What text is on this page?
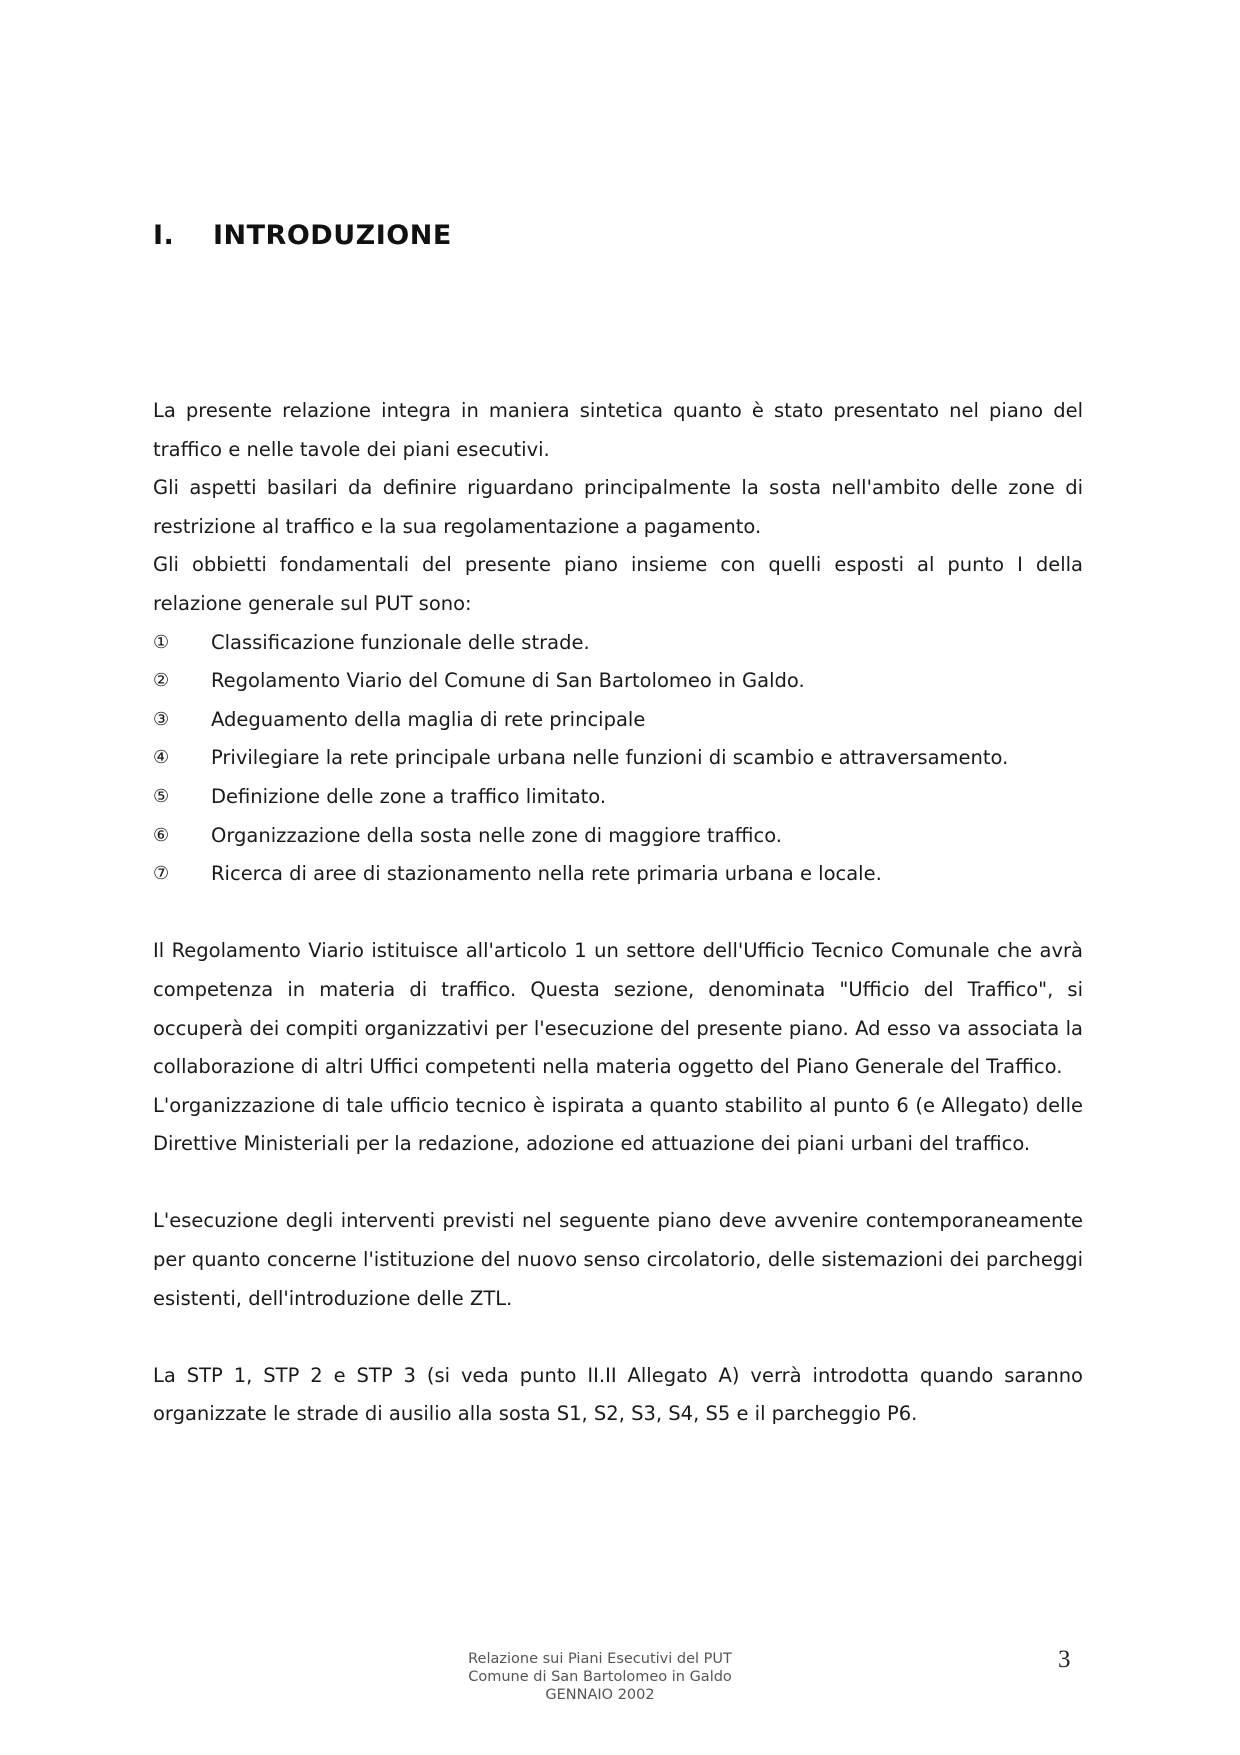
I.	INTRODUZIONE

La presente relazione integra in maniera sintetica quanto è stato presentato nel piano del traffico e nelle tavole dei piani esecutivi.

Gli aspetti basilari da definire riguardano principalmente la sosta nell'ambito delle zone di restrizione al traffico e la sua regolamentazione a pagamento.

Gli obbietti fondamentali del presente piano insieme con quelli esposti al punto I della relazione generale sul PUT sono:

①	Classificazione funzionale delle strade.
②	Regolamento Viario del Comune di San Bartolomeo in Galdo.
③	Adeguamento della maglia di rete principale
④	Privilegiare la rete principale urbana nelle funzioni di scambio e attraversamento.
⑤	Definizione delle zone a traffico limitato.
⑥	Organizzazione della sosta nelle zone di maggiore traffico.
⑦	Ricerca di aree di stazionamento nella rete primaria urbana e locale.

Il Regolamento Viario istituisce all'articolo 1 un settore dell'Ufficio Tecnico Comunale che avrà competenza in materia di traffico. Questa sezione, denominata "Ufficio del Traffico", si occuperà dei compiti organizzativi per l'esecuzione del presente piano. Ad esso va associata la collaborazione di altri Uffici competenti nella materia oggetto del Piano Generale del Traffico.

L'organizzazione di tale ufficio tecnico è ispirata a quanto stabilito al punto 6 (e Allegato) delle Direttive Ministeriali per la redazione, adozione ed attuazione dei piani urbani del traffico.

L'esecuzione degli interventi previsti nel seguente piano deve avvenire contemporaneamente per quanto concerne l'istituzione del nuovo senso circolatorio, delle sistemazioni dei parcheggi esistenti, dell'introduzione delle ZTL.

La STP 1, STP 2 e STP 3 (si veda punto II.II Allegato A) verrà introdotta quando saranno organizzate le strade di ausilio alla sosta S1, S2, S3, S4, S5 e il parcheggio P6.

Relazione sui Piani Esecutivi del PUT
Comune di San Bartolomeo in Galdo
GENNAIO 2002
3
